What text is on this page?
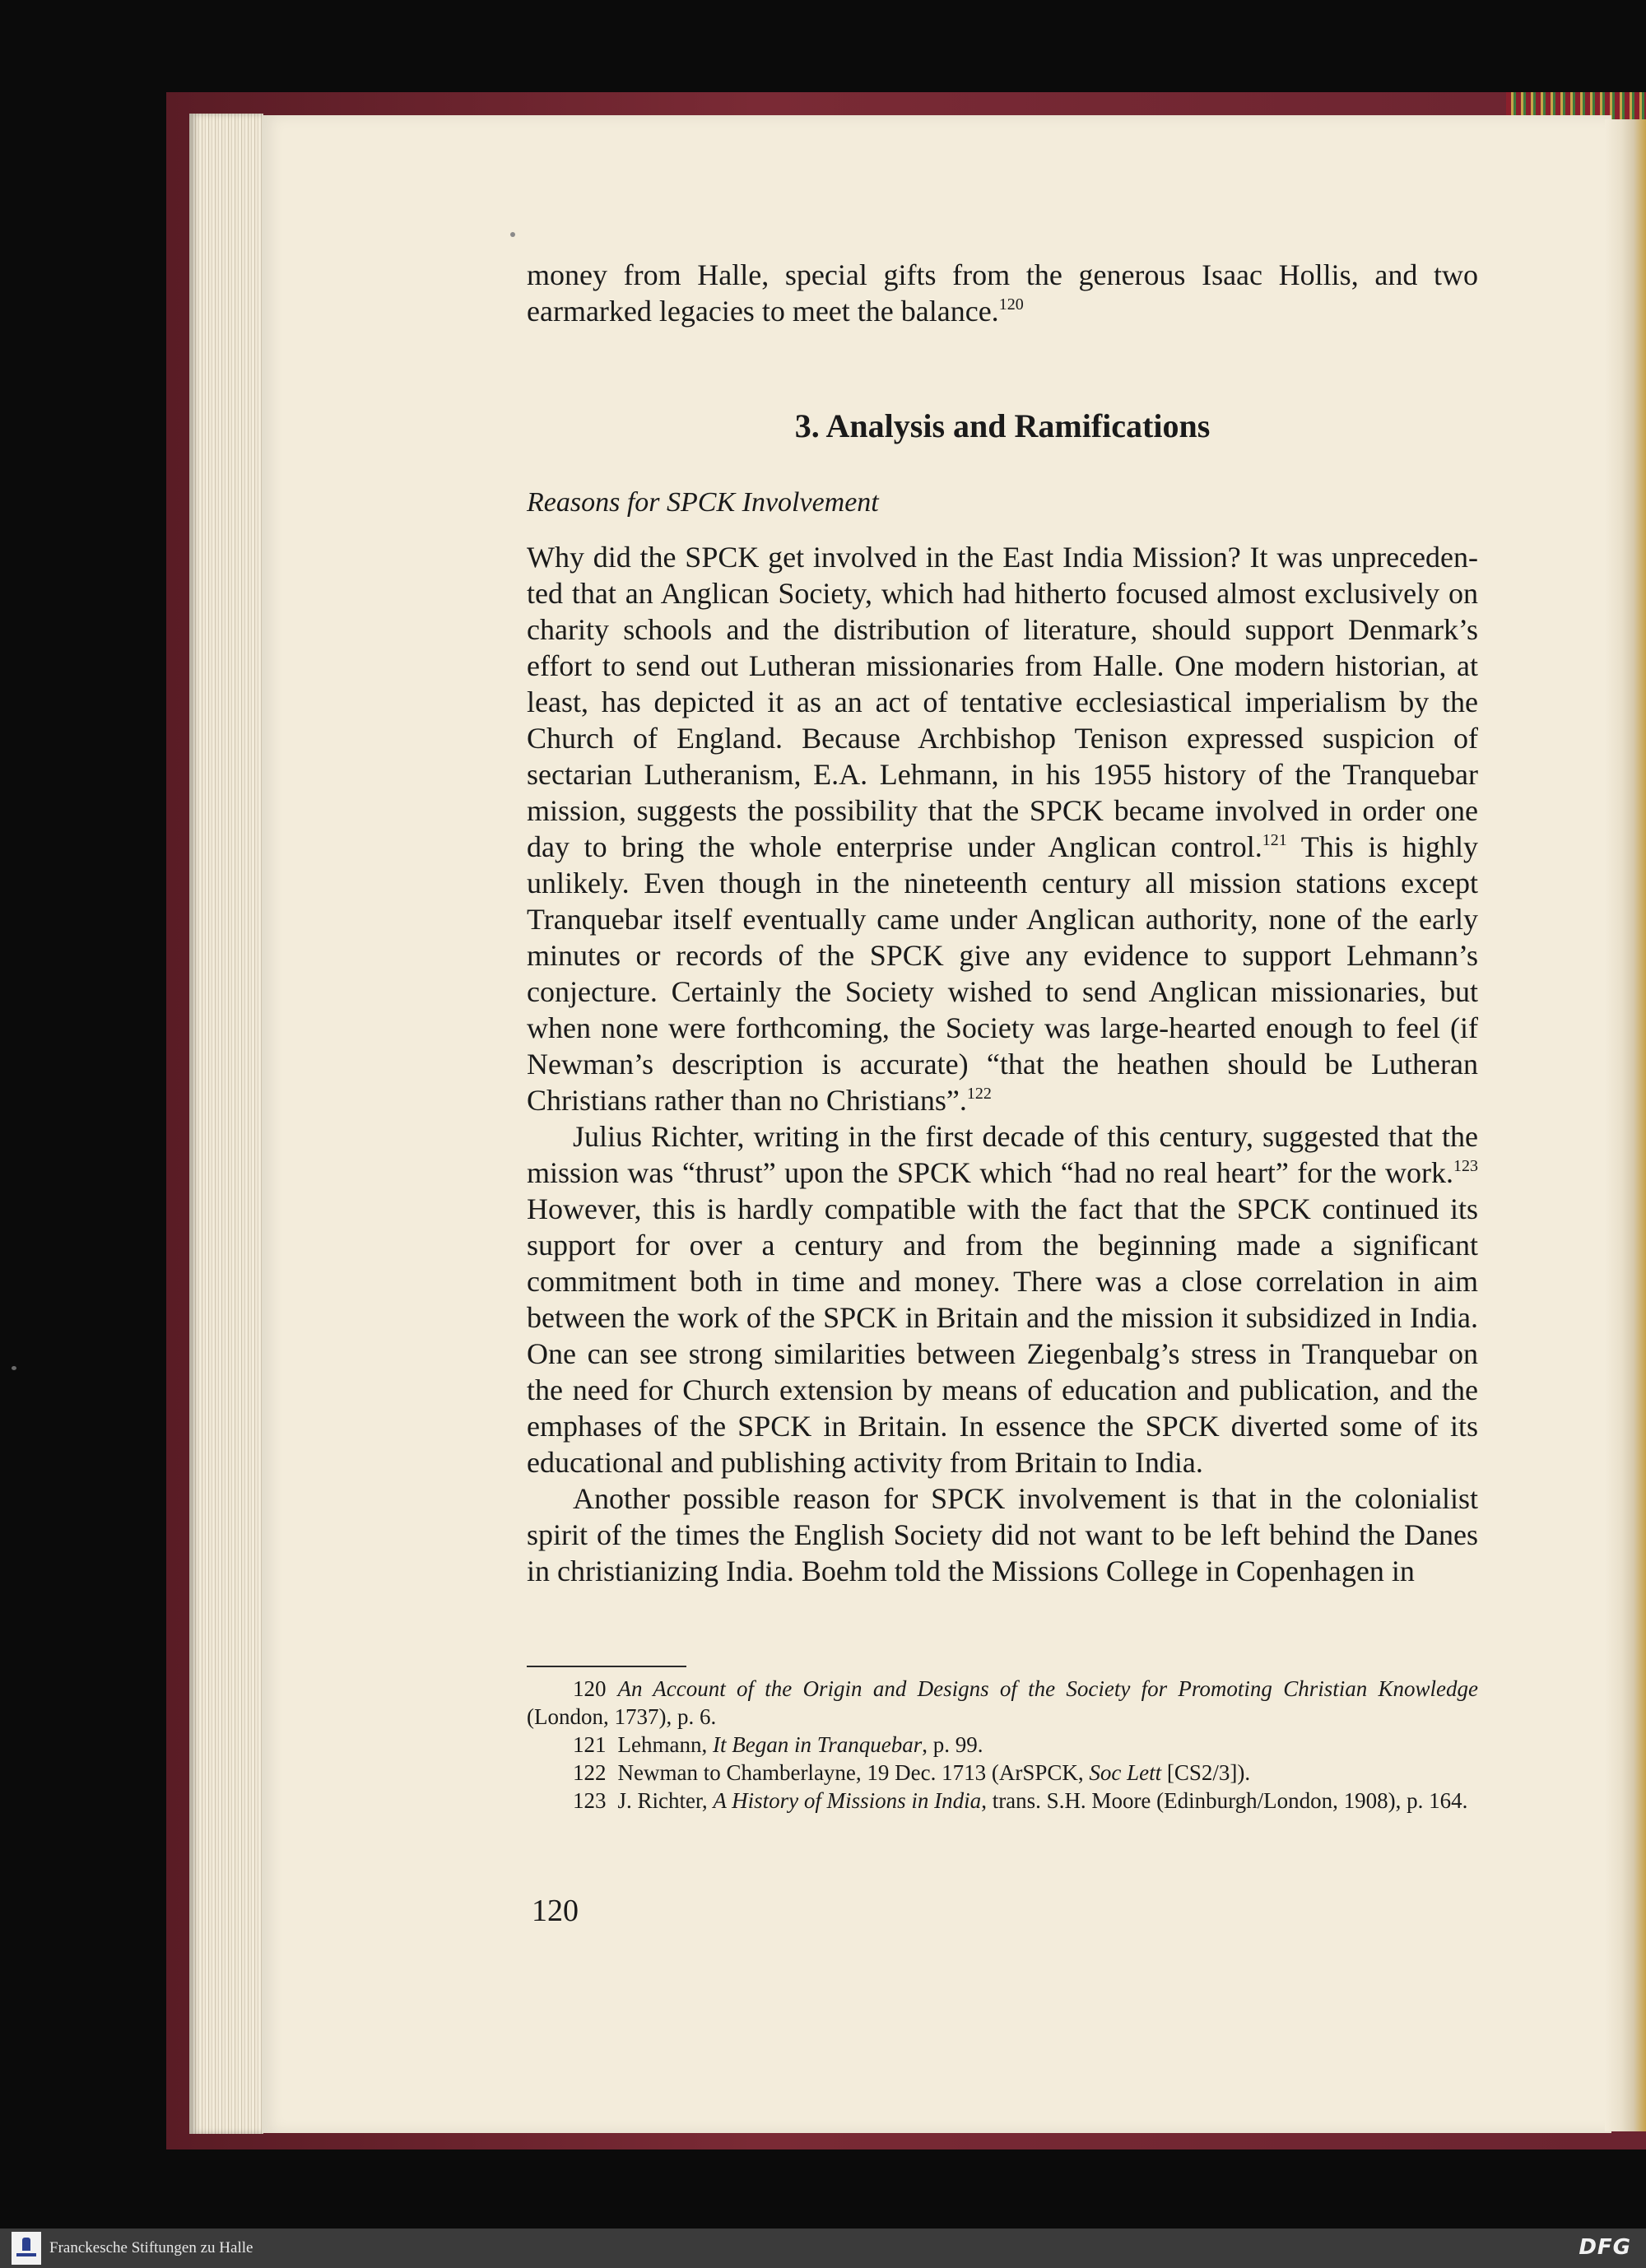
money from Halle, special gifts from the generous Isaac Hollis, and two earmarked legacies to meet the balance.$^{120}$

3. Analysis and Ramifications

Reasons for SPCK Involvement

Why did the SPCK get involved in the East India Mission? It was unprecedented that an Anglican Society, which had hitherto focused almost exclusively on charity schools and the distribution of literature, should support Denmark’s effort to send out Lutheran missionaries from Halle. One modern historian, at least, has depicted it as an act of tentative ecclesiastical imperialism by the Church of England. Because Archbishop Tenison expressed suspicion of sectarian Lutheranism, E.A. Lehmann, in his 1955 history of the Tranquebar mission, suggests the possibility that the SPCK became involved in order one day to bring the whole enterprise under Anglican control.$^{121}$ This is highly unlikely. Even though in the nineteenth century all mission stations except Tranquebar itself eventually came under Anglican authority, none of the early minutes or records of the SPCK give any evidence to support Lehmann’s conjecture. Certainly the Society wished to send Anglican missionaries, but when none were forthcoming, the Society was large-hearted enough to feel (if Newman’s description is accurate) “that the heathen should be Lutheran Christians rather than no Christians”.$^{122}$

Julius Richter, writing in the first decade of this century, suggested that the mission was “thrust” upon the SPCK which “had no real heart” for the work.$^{123}$ However, this is hardly compatible with the fact that the SPCK continued its support for over a century and from the beginning made a significant commitment both in time and money. There was a close correlation in aim between the work of the SPCK in Britain and the mission it subsidized in India. One can see strong similarities between Ziegenbalg’s stress in Tranquebar on the need for Church extension by means of education and publication, and the emphases of the SPCK in Britain. In essence the SPCK diverted some of its educational and publishing activity from Britain to India.

Another possible reason for SPCK involvement is that in the colonialist spirit of the times the English Society did not want to be left behind the Danes in christianizing India. Boehm told the Missions College in Copenhagen in

120 An Account of the Origin and Designs of the Society for Promoting Christian Knowledge (London, 1737), p. 6.

121 Lehmann, It Began in Tranquebar, p. 99.

122 Newman to Chamberlayne, 19 Dec. 1713 (ArSPCK, Soc Lett [CS2/3]).

123 J. Richter, A History of Missions in India, trans. S.H. Moore (Edinburgh/London, 1908), p. 164.

120

Franckesche Stiftungen zu Halle	DFG
